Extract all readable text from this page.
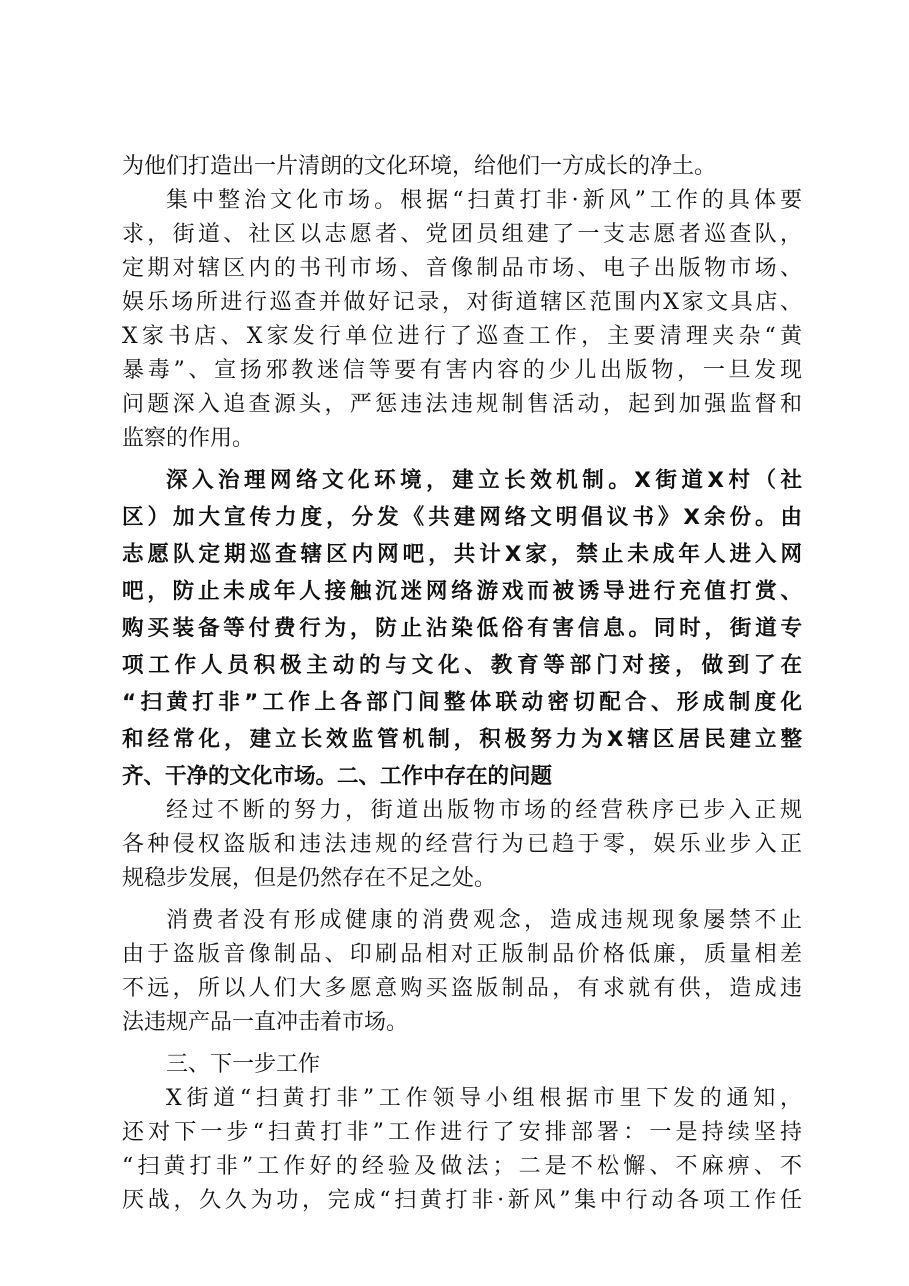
为他们打造出一片清朗的文化环境，给他们一方成长的净土。
集中整治文化市场。根据“扫黄打非·新风”工作的具体要
求，街道、社区以志愿者、党团员组建了一支志愿者巡查队，
定期对辖区内的书刊市场、音像制品市场、电子出版物市场、
娱乐场所进行巡查并做好记录，对街道辖区范围内X家文具店、
X家书店、X家发行单位进行了巡查工作，主要清理夹杂“黄
暴毒”、宣扬邪教迷信等要有害内容的少儿出版物，一旦发现
问题深入追查源头，严惩违法违规制售活动，起到加强监督和
监察的作用。
深入治理网络文化环境，建立长效机制。X街道X村（社
区）加大宣传力度，分发《共建网络文明倡议书》X余份。由
志愿队定期巡查辖区内网吧，共计X家，禁止未成年人进入网
吧，防止未成年人接触沉迷网络游戏而被诱导进行充值打赏、
购买装备等付费行为，防止沾染低俗有害信息。同时，街道专
项工作人员积极主动的与文化、教育等部门对接，做到了在
“扫黄打非”工作上各部门间整体联动密切配合、形成制度化
和经常化，建立长效监管机制，积极努力为X辖区居民建立整
齐、干净的文化市场。二、工作中存在的问题
经过不断的努力，街道出版物市场的经营秩序已步入正规
各种侵权盗版和违法违规的经营行为已趋于零，娱乐业步入正
规稳步发展，但是仍然存在不足之处。
消费者没有形成健康的消费观念，造成违规现象屡禁不止
由于盗版音像制品、印刷品相对正版制品价格低廉，质量相差
不远，所以人们大多愿意购买盗版制品，有求就有供，造成违
法违规产品一直冲击着市场。
三、下一步工作
X街道“扫黄打非”工作领导小组根据市里下发的通知，
还对下一步“扫黄打非”工作进行了安排部署：一是持续坚持
“扫黄打非”工作好的经验及做法；二是不松懈、不麻痹、不
厌战，久久为功，完成“扫黄打非·新风”集中行动各项工作任
